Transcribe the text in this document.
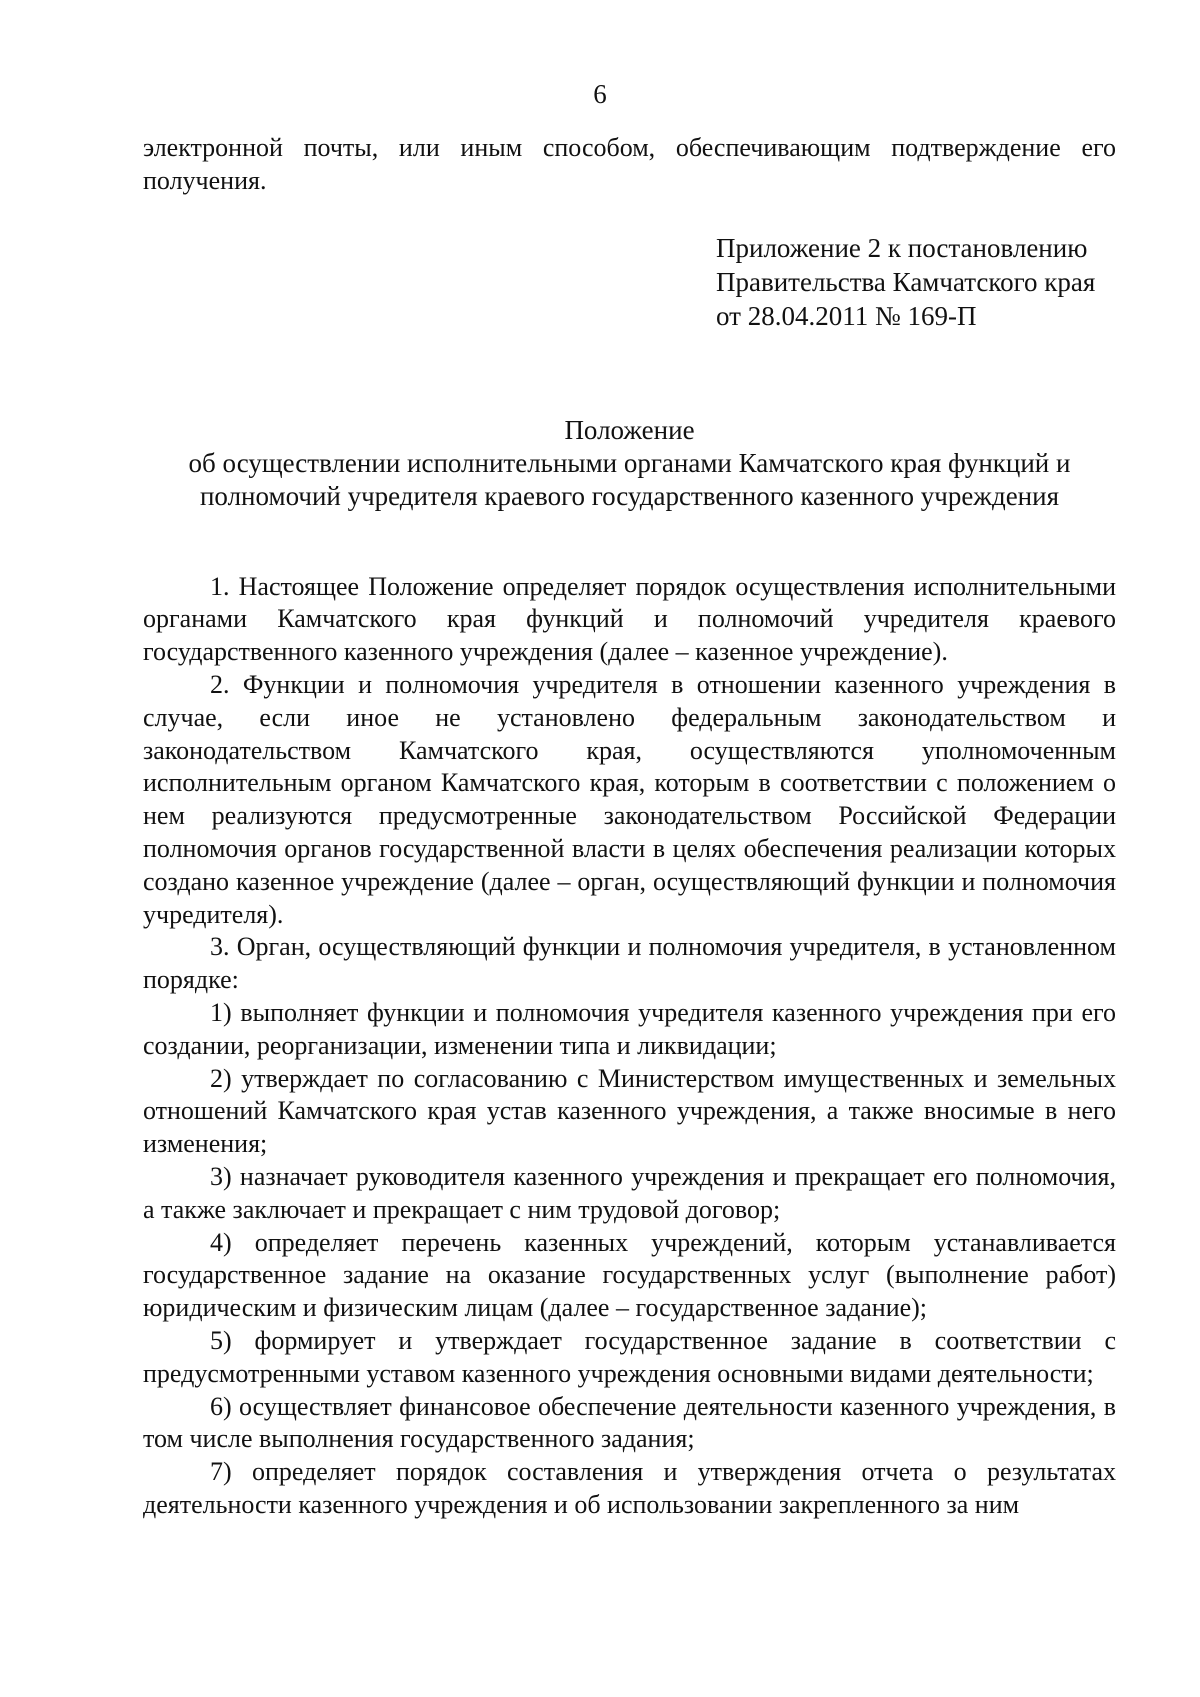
6

электронной почты, или иным способом, обеспечивающим подтверждение его получения.

Приложение 2 к постановлению
Правительства Камчатского края
от 28.04.2011 № 169-П
Положение
об осуществлении исполнительными органами Камчатского края функций и
полномочий учредителя краевого государственного казенного учреждения

1. Настоящее Положение определяет порядок осуществления исполнительными органами Камчатского края функций и полномочий учредителя краевого государственного казенного учреждения (далее – казенное учреждение).

2. Функции и полномочия учредителя в отношении казенного учреждения в случае, если иное не установлено федеральным законодательством и законодательством Камчатского края, осуществляются уполномоченным исполнительным органом Камчатского края, которым в соответствии с положением о нем реализуются предусмотренные законодательством Российской Федерации полномочия органов государственной власти в целях обеспечения реализации которых создано казенное учреждение (далее – орган, осуществляющий функции и полномочия учредителя).

3. Орган, осуществляющий функции и полномочия учредителя, в установленном порядке:

1) выполняет функции и полномочия учредителя казенного учреждения при его создании, реорганизации, изменении типа и ликвидации;

2) утверждает по согласованию с Министерством имущественных и земельных отношений Камчатского края устав казенного учреждения, а также вносимые в него изменения;

3) назначает руководителя казенного учреждения и прекращает его полномочия, а также заключает и прекращает с ним трудовой договор;

4) определяет перечень казенных учреждений, которым устанавливается государственное задание на оказание государственных услуг (выполнение работ) юридическим и физическим лицам (далее – государственное задание);

5) формирует и утверждает государственное задание в соответствии с предусмотренными уставом казенного учреждения основными видами деятельности;

6) осуществляет финансовое обеспечение деятельности казенного учреждения, в том числе выполнения государственного задания;

7) определяет порядок составления и утверждения отчета о результатах деятельности казенного учреждения и об использовании закрепленного за ним
